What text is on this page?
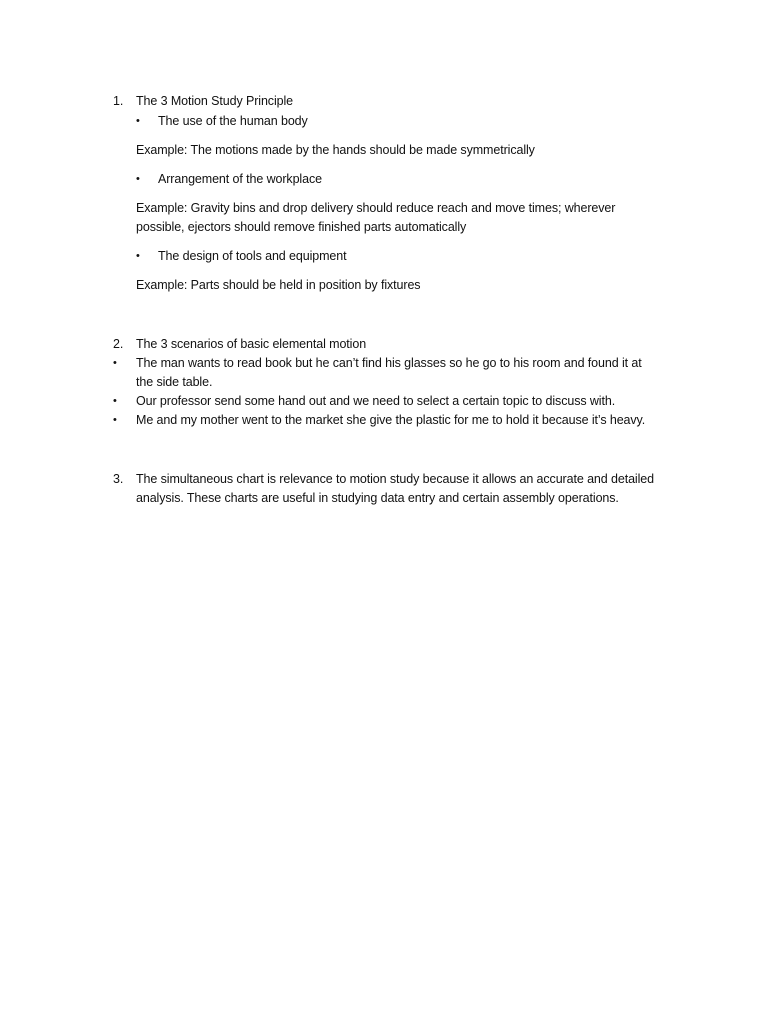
1. The 3 Motion Study Principle
• The use of the human body
Example: The motions made by the hands should be made symmetrically
• Arrangement of the workplace
Example: Gravity bins and drop delivery should reduce reach and move times; wherever
possible, ejectors should remove finished parts automatically
• The design of tools and equipment
Example: Parts should be held in position by fixtures
2. The 3 scenarios of basic elemental motion
• The man wants to read book but he can’t find his glasses so he go to his room and found it at
the side table.
• Our professor send some hand out and we need to select a certain topic to discuss with.
• Me and my mother went to the market she give the plastic for me to hold it because it’s heavy.
3. The simultaneous chart is relevance to motion study because it allows an accurate and detailed
analysis. These charts are useful in studying data entry and certain assembly operations.
